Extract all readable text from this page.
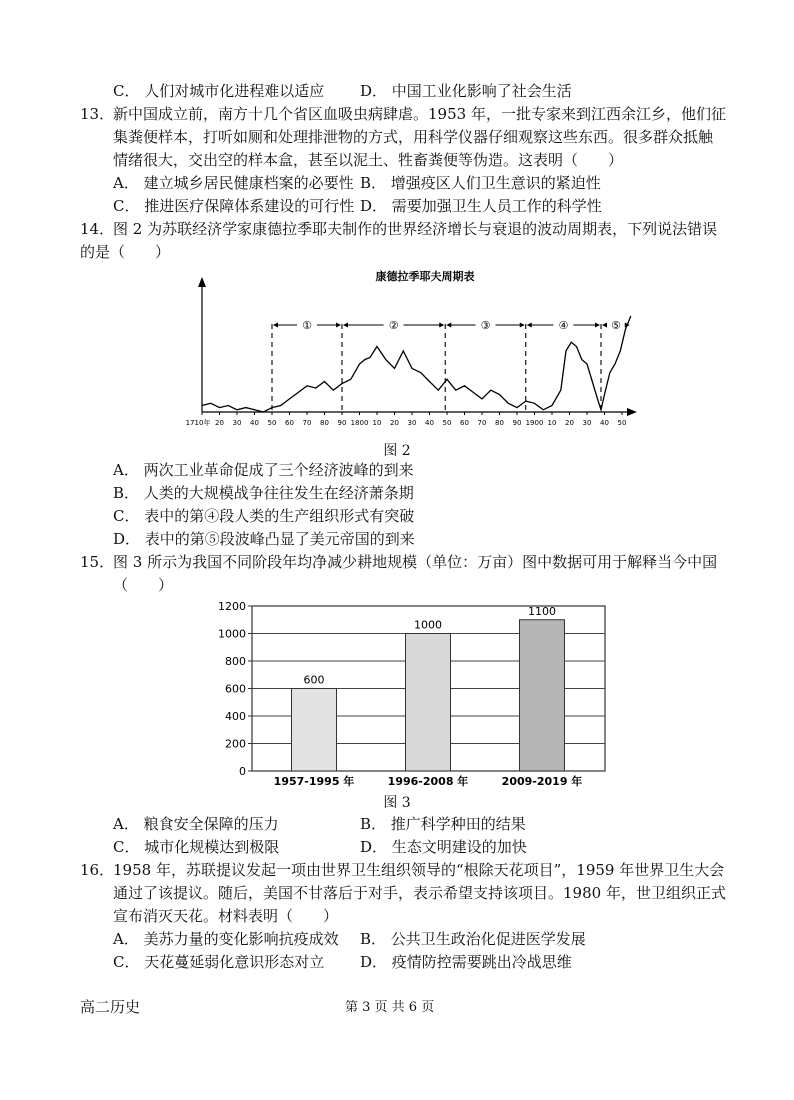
C． 人们对城市化进程难以适应 D． 中国工业化影响了社会生活
13．
新中国成立前，南方十几个省区血吸虫病肆虐。1953 年，一批专家来到江西余江乡，他们征
集粪便样本，打听如厕和处理排泄物的方式，用科学仪器仔细观察这些东西。很多群众抵触
情绪很大，交出空的样本盒，甚至以泥土、牲畜粪便等伪造。这表明（　　）
A． 建立城乡居民健康档案的必要性 B． 增强疫区人们卫生意识的紧迫性
C． 推进医疗保障体系建设的可行性 D． 需要加强卫生人员工作的科学性
14．
图 2 为苏联经济学家康德拉季耶夫制作的世界经济增长与衰退的波动周期表，下列说法错误
的是（　　）
康德拉季耶夫周期表
1710年 20 30 40 50 60 70 80 90 1800 10 20 30 40 50 60 70 80 90 1900 10 20 30 40 50
①	②	③	④	⑤
图 2
A． 两次工业革命促成了三个经济波峰的到来
B． 人类的大规模战争往往发生在经济萧条期
C． 表中的第④段人类的生产组织形式有突破
D． 表中的第⑤段波峰凸显了美元帝国的到来
15．
图 3 所示为我国不同阶段年均净减少耕地规模（单位：万亩）图中数据可用于解释当今中国
（　　）
0
200
400
600
800
1000
1200
600
1000
1100
1957-1995 年	1996-2008 年	2009-2019 年
图 3
A． 粮食安全保障的压力	B． 推广科学种田的结果
C． 城市化规模达到极限	D． 生态文明建设的加快
16．
1958 年，苏联提议发起一项由世界卫生组织领导的“根除天花项目”，1959 年世界卫生大会
通过了该提议。随后，美国不甘落后于对手，表示希望支持该项目。1980 年，世卫组织正式
宣布消灭天花。材料表明（　　）
A． 美苏力量的变化影响抗疫成效 B． 公共卫生政治化促进医学发展
C． 天花蔓延弱化意识形态对立 D． 疫情防控需要跳出冷战思维
高二历史	第 3 页 共 6 页
